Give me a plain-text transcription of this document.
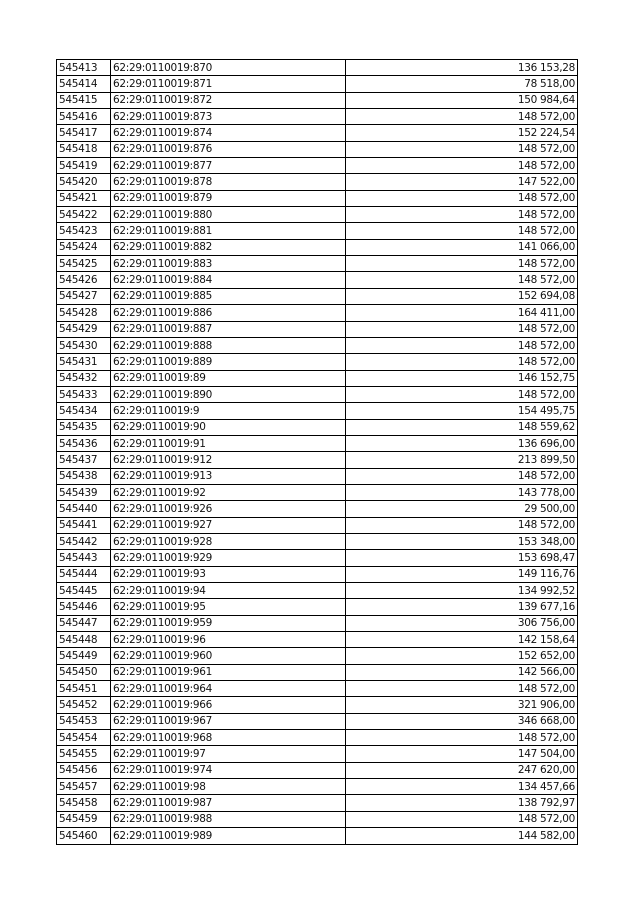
545413	62:29:0110019:870	136 153,28
545414	62:29:0110019:871	78 518,00
545415	62:29:0110019:872	150 984,64
545416	62:29:0110019:873	148 572,00
545417	62:29:0110019:874	152 224,54
545418	62:29:0110019:876	148 572,00
545419	62:29:0110019:877	148 572,00
545420	62:29:0110019:878	147 522,00
545421	62:29:0110019:879	148 572,00
545422	62:29:0110019:880	148 572,00
545423	62:29:0110019:881	148 572,00
545424	62:29:0110019:882	141 066,00
545425	62:29:0110019:883	148 572,00
545426	62:29:0110019:884	148 572,00
545427	62:29:0110019:885	152 694,08
545428	62:29:0110019:886	164 411,00
545429	62:29:0110019:887	148 572,00
545430	62:29:0110019:888	148 572,00
545431	62:29:0110019:889	148 572,00
545432	62:29:0110019:89	146 152,75
545433	62:29:0110019:890	148 572,00
545434	62:29:0110019:9	154 495,75
545435	62:29:0110019:90	148 559,62
545436	62:29:0110019:91	136 696,00
545437	62:29:0110019:912	213 899,50
545438	62:29:0110019:913	148 572,00
545439	62:29:0110019:92	143 778,00
545440	62:29:0110019:926	29 500,00
545441	62:29:0110019:927	148 572,00
545442	62:29:0110019:928	153 348,00
545443	62:29:0110019:929	153 698,47
545444	62:29:0110019:93	149 116,76
545445	62:29:0110019:94	134 992,52
545446	62:29:0110019:95	139 677,16
545447	62:29:0110019:959	306 756,00
545448	62:29:0110019:96	142 158,64
545449	62:29:0110019:960	152 652,00
545450	62:29:0110019:961	142 566,00
545451	62:29:0110019:964	148 572,00
545452	62:29:0110019:966	321 906,00
545453	62:29:0110019:967	346 668,00
545454	62:29:0110019:968	148 572,00
545455	62:29:0110019:97	147 504,00
545456	62:29:0110019:974	247 620,00
545457	62:29:0110019:98	134 457,66
545458	62:29:0110019:987	138 792,97
545459	62:29:0110019:988	148 572,00
545460	62:29:0110019:989	144 582,00
